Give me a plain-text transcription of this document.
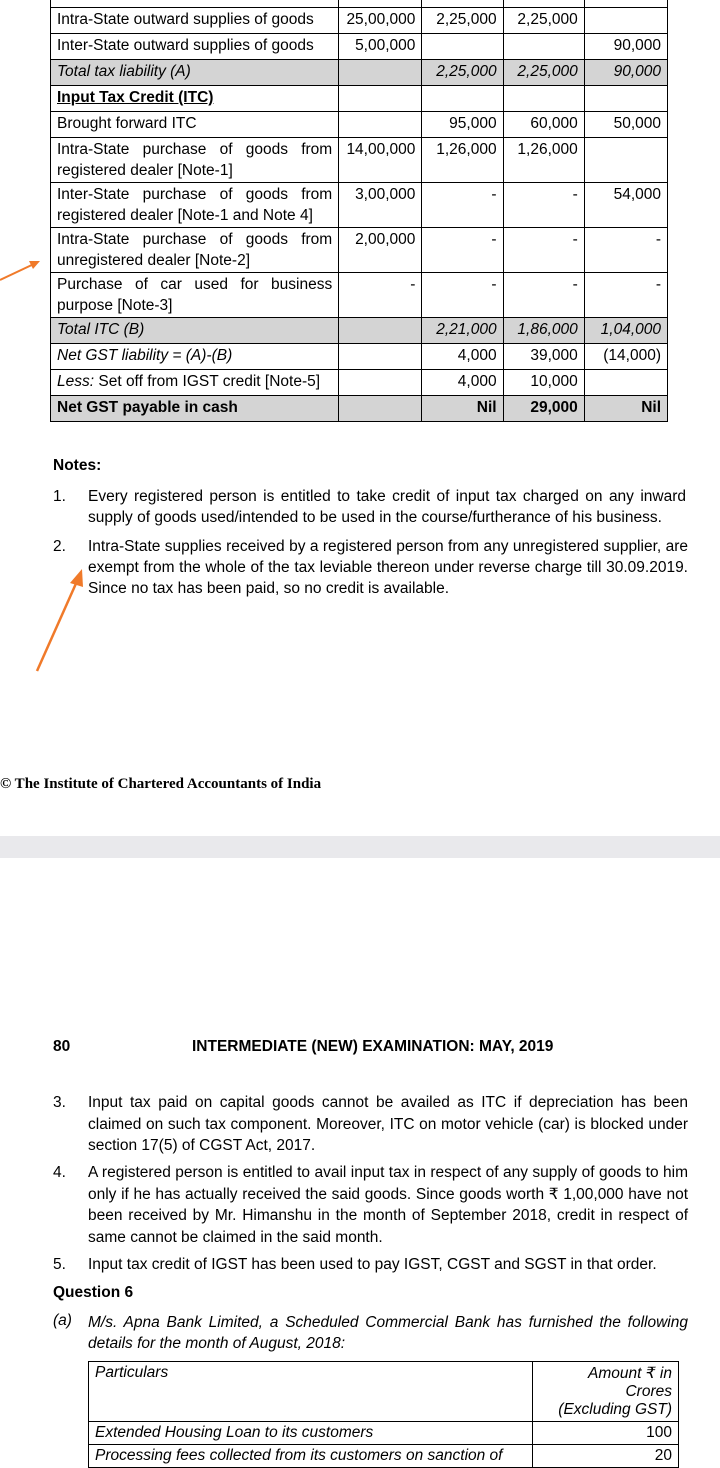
Intra-State outward supplies of goods	25,00,000	2,25,000	2,25,000	
Inter-State outward supplies of goods	5,00,000			90,000
Total tax liability (A)		2,25,000	2,25,000	90,000
Input Tax Credit (ITC)				
Brought forward ITC		95,000	60,000	50,000
Intra-State purchase of goods from registered dealer [Note-1]	14,00,000	1,26,000	1,26,000	
Inter-State purchase of goods from registered dealer [Note-1 and Note 4]	3,00,000	-	-	54,000
Intra-State purchase of goods from unregistered dealer [Note-2]	2,00,000	-	-	-
Purchase of car used for business purpose [Note-3]	-	-	-	-
Total ITC (B)		2,21,000	1,86,000	1,04,000
Net GST liability = (A)-(B)		4,000	39,000	(14,000)
Less: Set off from IGST credit [Note-5]		4,000	10,000	
Net GST payable in cash		Nil	29,000	Nil
Notes:
1. Every registered person is entitled to take credit of input tax charged on any inward supply of goods used/intended to be used in the course/furtherance of his business.
2. Intra-State supplies received by a registered person from any unregistered supplier, are exempt from the whole of the tax leviable thereon under reverse charge till 30.09.2019. Since no tax has been paid, so no credit is available.
© The Institute of Chartered Accountants of India
80	INTERMEDIATE (NEW) EXAMINATION: MAY, 2019
3. Input tax paid on capital goods cannot be availed as ITC if depreciation has been claimed on such tax component. Moreover, ITC on motor vehicle (car) is blocked under section 17(5) of CGST Act, 2017.
4. A registered person is entitled to avail input tax in respect of any supply of goods to him only if he has actually received the said goods. Since goods worth ₹ 1,00,000 have not been received by Mr. Himanshu in the month of September 2018, credit in respect of same cannot be claimed in the said month.
5. Input tax credit of IGST has been used to pay IGST, CGST and SGST in that order.
Question 6
(a) M/s. Apna Bank Limited, a Scheduled Commercial Bank has furnished the following details for the month of August, 2018:
Particulars	Amount ₹ in Crores
(Excluding GST)

Extended Housing Loan to its customers	100
Processing fees collected from its customers on sanction of	20
